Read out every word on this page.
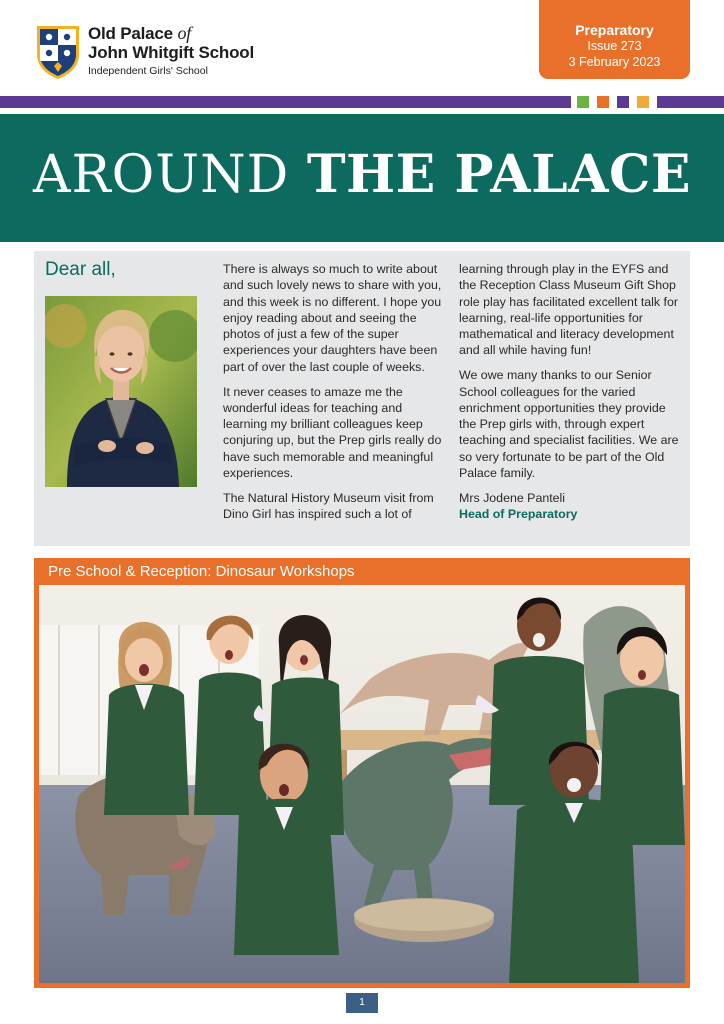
Old Palace of
John Whitgift School
Independent Girls' School
Preparatory
Issue 273
3 February 2023
AROUND THE PALACE
Dear all,	There is always so much to write about and such lovely news to share with you, and this week is no different. I hope you enjoy reading about and seeing the photos of just a few of the super experiences your daughters have been part of over the last couple of weeks.

It never ceases to amaze me the wonderful ideas for teaching and learning my brilliant colleagues keep conjuring up, but the Prep girls really do have such memorable and meaningful experiences.

The Natural History Museum visit from Dino Girl has inspired such a lot of

learning through play in the EYFS and the Reception Class Museum Gift Shop role play has facilitated excellent talk for learning, real-life opportunities for mathematical and literacy development and all while having fun!

We owe many thanks to our Senior School colleagues for the varied enrichment opportunities they provide the Prep girls with, through expert teaching and specialist facilities. We are so very fortunate to be part of the Old Palace family.

Mrs Jodene Panteli
Head of Preparatory
Pre School & Reception: Dinosaur Workshops
1
